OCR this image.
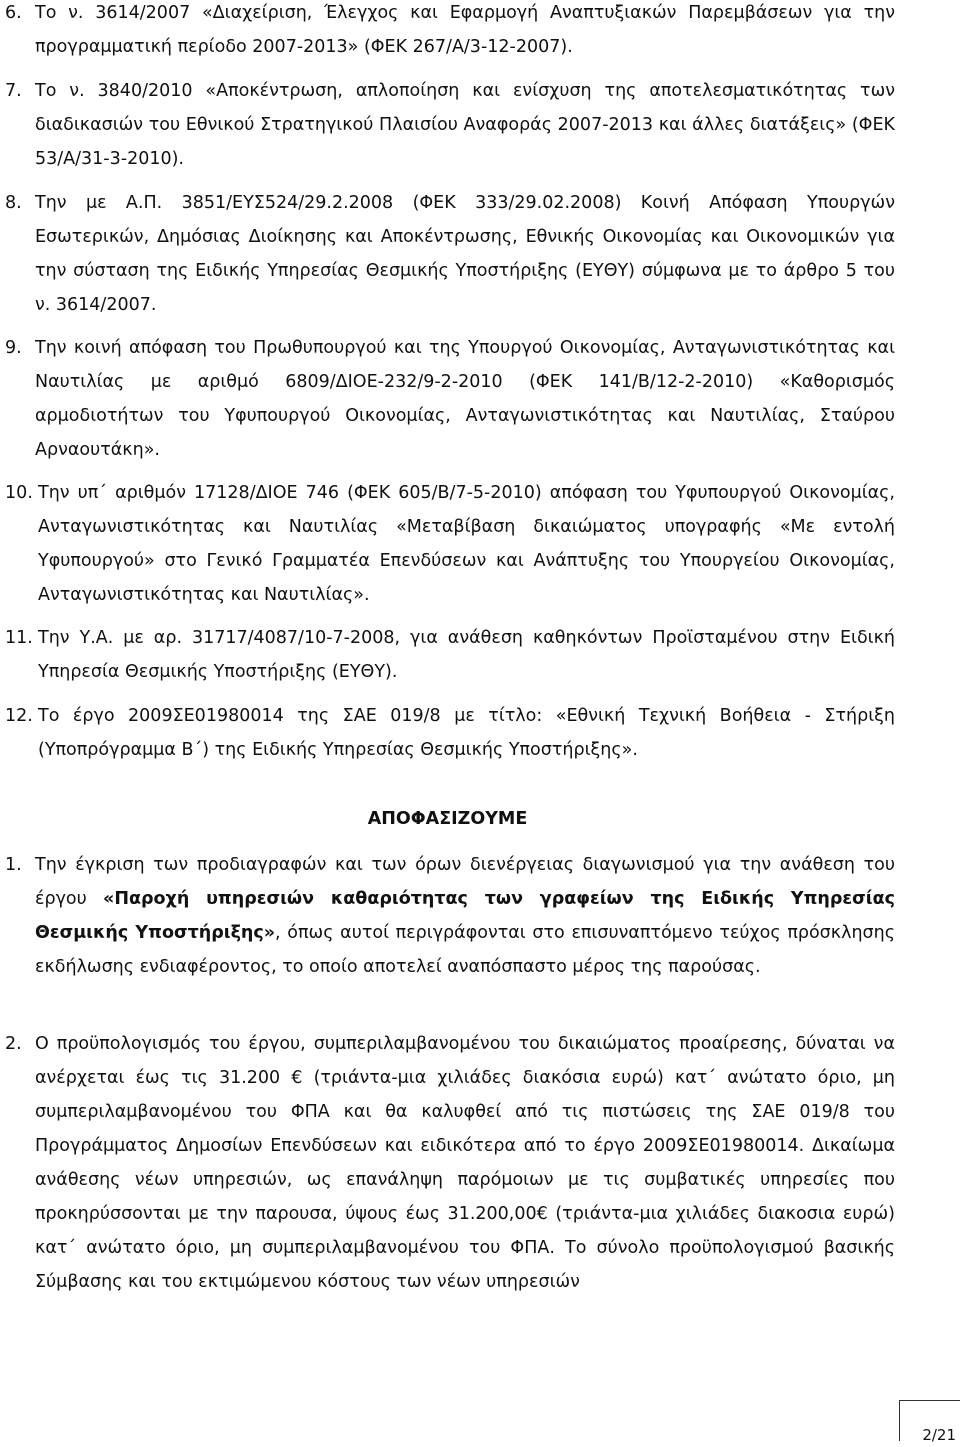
6. Το ν. 3614/2007 «Διαχείριση, Έλεγχος και Εφαρμογή Αναπτυξιακών Παρεμβάσεων για την προγραμματική περίοδο 2007-2013» (ΦΕΚ 267/Α/3-12-2007).
7. Το ν. 3840/2010 «Αποκέντρωση, απλοποίηση και ενίσχυση της αποτελεσματικότητας των διαδικασιών του Εθνικού Στρατηγικού Πλαισίου Αναφοράς 2007-2013 και άλλες διατάξεις» (ΦΕΚ 53/Α/31-3-2010).
8. Την με Α.Π. 3851/ΕΥΣ524/29.2.2008 (ΦΕΚ 333/29.02.2008) Κοινή Απόφαση Υπουργών Εσωτερικών, Δημόσιας Διοίκησης και Αποκέντρωσης, Εθνικής Οικονομίας και Οικονομικών για την σύσταση της Ειδικής Υπηρεσίας Θεσμικής Υποστήριξης (ΕΥΘΥ) σύμφωνα με το άρθρο 5 του ν. 3614/2007.
9. Την κοινή απόφαση του Πρωθυπουργού και της Υπουργού Οικονομίας, Ανταγωνιστικότητας και Ναυτιλίας με αριθμό 6809/ΔΙΟΕ-232/9-2-2010 (ΦΕΚ 141/Β/12-2-2010) «Καθορισμός αρμοδιοτήτων του Υφυπουργού Οικονομίας, Ανταγωνιστικότητας και Ναυτιλίας, Σταύρου Αρναουτάκη».
10. Την υπ΄ αριθμόν 17128/ΔΙΟΕ 746 (ΦΕΚ 605/Β/7-5-2010) απόφαση του Υφυπουργού Οικονομίας, Ανταγωνιστικότητας και Ναυτιλίας «Μεταβίβαση δικαιώματος υπογραφής «Με εντολή Υφυπουργού» στο Γενικό Γραμματέα Επενδύσεων και Ανάπτυξης του Υπουργείου Οικονομίας, Ανταγωνιστικότητας και Ναυτιλίας».
11. Την Υ.Α. με αρ. 31717/4087/10-7-2008, για ανάθεση καθηκόντων Προϊσταμένου στην Ειδική Υπηρεσία Θεσμικής Υποστήριξης (ΕΥΘΥ).
12. Το έργο 2009ΣΕ01980014 της ΣΑΕ 019/8 με τίτλο: «Εθνική Τεχνική Βοήθεια - Στήριξη (Υποπρόγραμμα Β΄) της Ειδικής Υπηρεσίας Θεσμικής Υποστήριξης».
ΑΠΟΦΑΣΙΖΟΥΜΕ
1. Την έγκριση των προδιαγραφών και των όρων διενέργειας διαγωνισμού για την ανάθεση του έργου «Παροχή υπηρεσιών καθαριότητας των γραφείων της Ειδικής Υπηρεσίας Θεσμικής Υποστήριξης», όπως αυτοί περιγράφονται στο επισυναπτόμενο τεύχος πρόσκλησης εκδήλωσης ενδιαφέροντος, το οποίο αποτελεί αναπόσπαστο μέρος της παρούσας.
2. Ο προϋπολογισμός του έργου, συμπεριλαμβανομένου του δικαιώματος προαίρεσης, δύναται να ανέρχεται έως τις 31.200 € (τριάντα-μια χιλιάδες διακόσια ευρώ) κατ΄ ανώτατο όριο, μη συμπεριλαμβανομένου του ΦΠΑ και θα καλυφθεί από τις πιστώσεις της ΣΑΕ 019/8 του Προγράμματος Δημοσίων Επενδύσεων και ειδικότερα από το έργο 2009ΣΕ01980014. Δικαίωμα ανάθεσης νέων υπηρεσιών, ως επανάληψη παρόμοιων με τις συμβατικές υπηρεσίες που προκηρύσσονται με την παρουσα, ύψους έως 31.200,00€ (τριάντα-μια χιλιάδες διακοσια ευρώ) κατ΄ ανώτατο όριο, μη συμπεριλαμβανομένου του ΦΠΑ. Το σύνολο προϋπολογισμού βασικής Σύμβασης και του εκτιμώμενου κόστους των νέων υπηρεσιών
2/21
